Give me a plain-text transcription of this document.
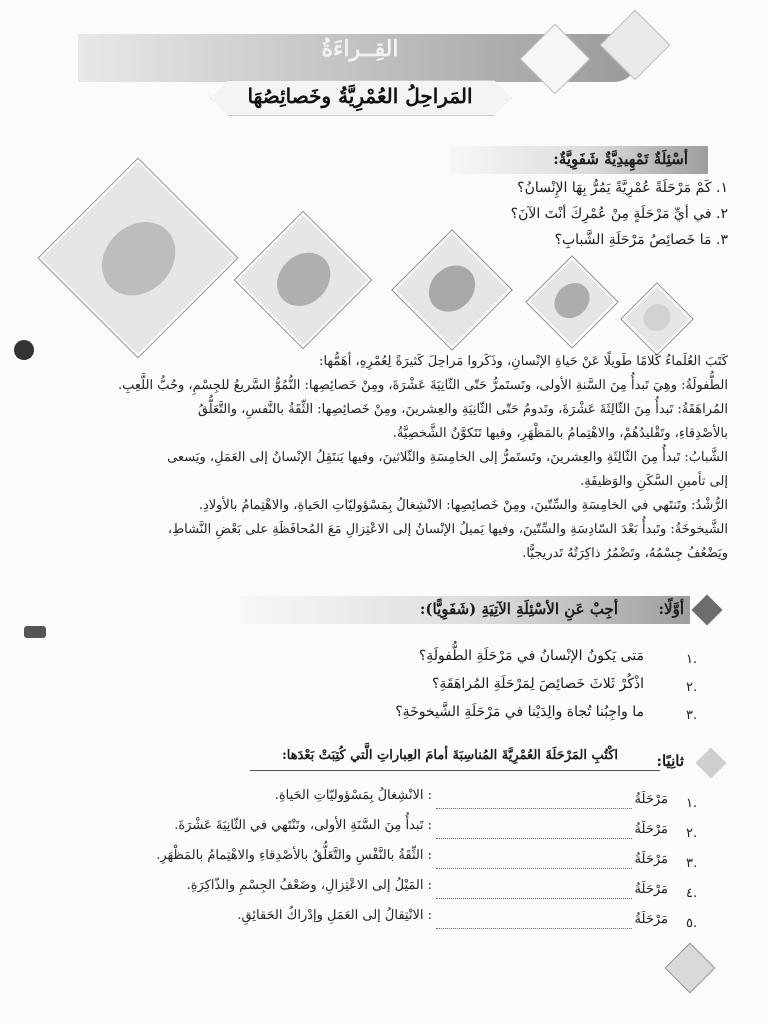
القِــراءَةُ
المَراحِلُ العُمْرِيَّةُ وخَصائِصُهَا
أسْئِلَةٌ تَمْهِيدِيَّةٌ شَفَوِيَّةٌ:
١. كَمْ مَرْحَلَةً عُمْرِيَّةً يَمُرُّ بِهَا الإِنْسانُ؟
٢. في أيِّ مَرْحَلَةٍ مِنْ عُمْرِكَ أنْتَ الآنَ؟
٣. مَا خَصائِصُ مَرْحَلَةِ الشَّبابِ؟
كَتَبَ العُلَماءُ كَلامًا طَويلًا عَنْ حَياةِ الإنْسانِ، وذَكَروا مَراحِلَ كَثيرَةً لِعُمْرِهِ، أهَمُّها:
الطُّفولَةُ: وهِيَ تَبدأُ مِنَ السَّنةِ الأولى، وتَستَمرُّ حَتّى الثّانِيَةَ عَشْرَةَ، ومِنْ خَصائِصِها: النُّمُوُّ السَّريعُ للجِسْمِ، وحُبُّ اللَّعِبِ.
المُراهَقَةُ: تَبدأُ مِنَ الثّالِثَةَ عَشْرَةَ، وتَدومُ حَتّى الثّانِيَةِ والعِشرينَ، ومِنْ خَصائِصِها: الثِّقَةُ بالنَّفسِ، والتَّعَلُّقُ
بالأصْدِقاءِ، وتَقْليدُهُمْ، والاهْتِمامُ بالمَظْهَرِ، وفيها تَتَكوَّنُ الشَّخصِيَّةُ.
الشَّبابُ: تَبدأُ مِنَ الثّالِثَةِ والعِشرينَ، وتَستَمرُّ إلى الخامِسَةِ والثّلاثينَ، وفيها يَنتَقِلُ الإنْسانُ إلى العَمَلِ، ويَسعى
إلى تأمينِ السَّكَنِ والوَظيفَةِ.
الرُّشْدُ: وتَنتَهي في الخامِسَةِ والسِّتّينَ، ومِنْ خَصائِصِها: الانْشِغالُ بِمَسْؤوليّاتِ الحَياةِ، والاهْتِمامُ بالأولادِ.
الشَّيخوخَةُ: وتَبدأُ بَعْدَ السّادِسَةِ والسِّتّينَ، وفيها يَميلُ الإنْسانُ إلى الاعْتِزالِ مَعَ المُحافَظَةِ على بَعْضِ النَّشاطِ،
ويَضْعُفُ جِسْمُهُ، وتَضْمُرُ ذاكِرَتُهُ تَدريجيًّا.
أوَّلًا:
أجِبْ عَنِ الأسْئِلَةِ الآتِيَةِ (شَفَوِيًّا):
١.
مَتى يَكونُ الإنْسانُ في مَرْحَلَةِ الطُّفولَةِ؟
٢.
اذْكُرْ ثَلاثَ خَصائِصَ لِمَرْحَلَةِ المُراهَقَةِ؟
٣.
ما واجِبُنا تُجاهَ والِدَيْنا في مَرْحَلَةِ الشَّيخوخَةِ؟
ثانِيًا:
اكْتُبِ المَرْحَلَةَ العُمْرِيَّةَ المُناسِبَةَ أمامَ العِباراتِ الَّتي كُتِبَتْ بَعْدَها:
١.
مَرْحَلَةُ
: الانْشِغالُ بِمَسْؤوليّاتِ الحَياةِ.
٢.
مَرْحَلَةُ
: تَبدأُ مِنَ السَّنَةِ الأولى، وتَنْتَهي في الثّانِيَةَ عَشْرَةَ.
٣.
مَرْحَلَةُ
: الثِّقَةُ بالنَّفْسِ والتَّعَلُّقُ بالأصْدِقاءِ والاهْتِمامُ بالمَظْهَرِ.
٤.
مَرْحَلَةُ
: المَيْلُ إلى الاعْتِزالِ، وضَعْفُ الجِسْمِ والذّاكِرَةِ.
٥.
مَرْحَلَةُ
: الانْتِقالُ إلى العَمَلِ وإدْراكُ الحَقائِقِ.
